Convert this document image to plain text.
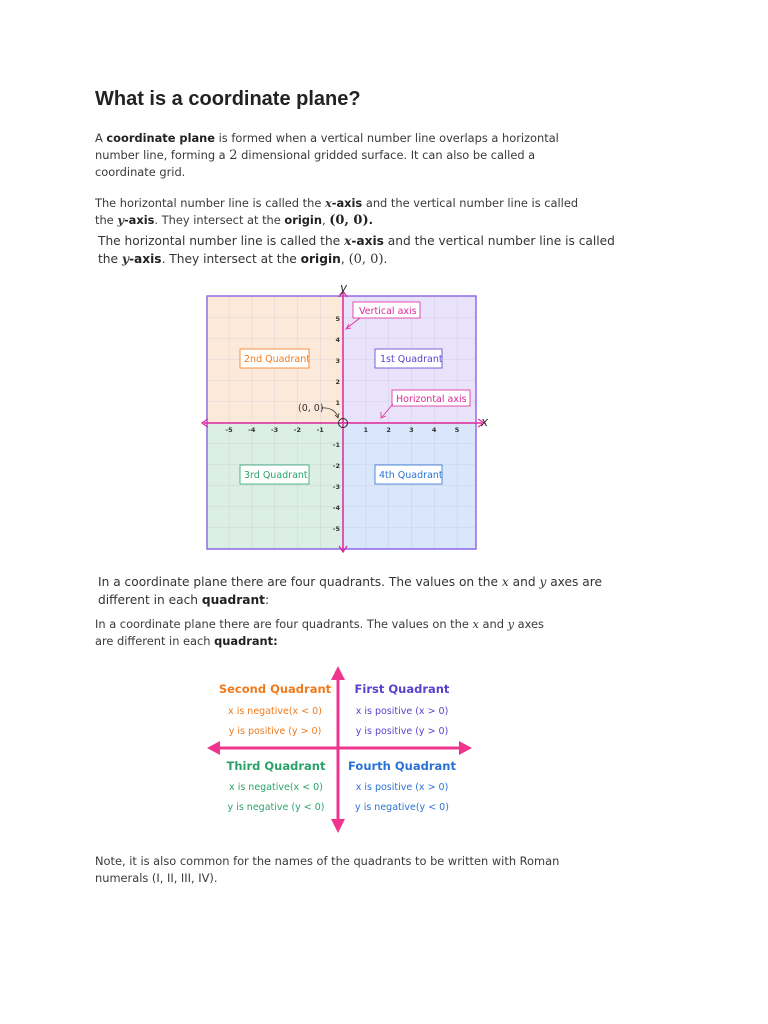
What is a coordinate plane?
A coordinate plane is formed when a vertical number line overlaps a horizontal number line, forming a 2 dimensional gridded surface. It can also be called a coordinate grid.
The horizontal number line is called the x-axis and the vertical number line is called the y-axis. They intersect at the origin, (0, 0).
The horizontal number line is called the x-axis and the vertical number line is called the y-axis. They intersect at the origin, (0, 0).
x
y
-5 -4 -3 -2 -1	1	2	3	4	5
5
4
3
2
1
-1
-2
-3
-4
-5
(0, 0)
Vertical axis
Horizontal axis
2nd Quadrant	1st Quadrant
3rd Quadrant	4th Quadrant
In a coordinate plane there are four quadrants. The values on the x and y axes are different in each quadrant:
In a coordinate plane there are four quadrants. The values on the x and y axes are different in each quadrant:
Second Quadrant
x is negative(x < 0)
y is positive (y > 0)
First Quadrant
x is positive (x > 0)
y is positive (y > 0)
Third Quadrant
x is negative(x < 0)
y is negative (y < 0)
Fourth Quadrant
x is positive (x > 0)
y is negative(y < 0)
Note, it is also common for the names of the quadrants to be written with Roman numerals (I, II, III, IV).
